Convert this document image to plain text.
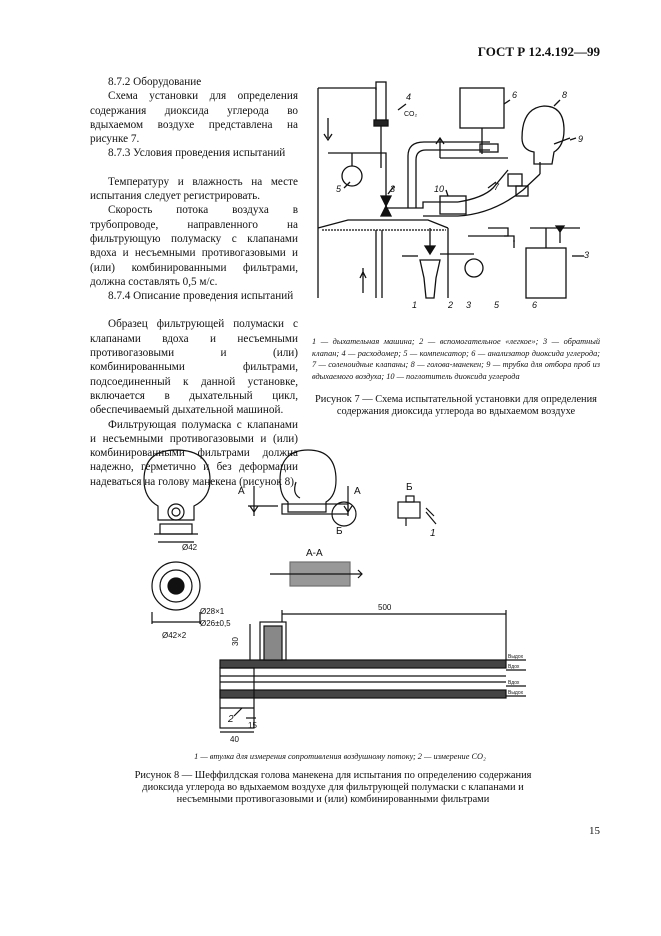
ГОСТ Р 12.4.192—99

8.7.2 Оборудование

Схема установки для определения содержания диоксида углерода во вдыхаемом воздухе представлена на рисунке 7.

8.7.3 Условия проведения испытаний

Температуру и влажность на месте испытания следует регистрировать.

Скорость потока воздуха в трубопроводе, направленного на фильтрующую полумаску с клапанами вдоха и несъемными противогазовыми и (или) комбинированными фильтрами, должна составлять 0,5 м/с.

8.7.4 Описание проведения испытаний

Образец фильтрующей полумаски с клапанами вдоха и несъемными противогазовыми и (или) комбинированными фильтрами, подсоединенный к данной установке, включается в дыхательный цикл, обеспечиваемый дыхательной машиной.

Фильтрующая полумаска с клапанами и несъемными противогазовыми и (или) комбинированными фильтрами должна надежно, герметично и без деформации надеваться на голову манекена (рисунок 8).

4
CO₂
6	8
9
7
10
5	3
3
1	2 3	5	6
1 — дыхательная машина; 2 — вспомогательное «легкое»; 3 — обратный клапан; 4 — расходомер; 5 — компенсатор; 6 — анализатор диоксида углерода; 7 — соленоидные клапаны; 8 — голова-манекен; 9 — трубка для отбора проб из вдыхаемого воздуха; 10 — поглотитель диоксида углерода
Рисунок 7 — Схема испытательной установки для определения содержания диоксида углерода во вдыхаемом воздухе
Ø42
Ø28×1
Ø26±0,5
Ø42×2
30
500
40
15
А	А
Б
Б
А-А
1
2
Выдох
Вдох
Вдох
Выдох
1 — втулка для измерения сопротивления воздушному потоку; 2 — измерение CO₂
Рисунок 8 — Шеффилдская голова манекена для испытания по определению содержания диоксида углерода во вдыхаемом воздухе для фильтрующей полумаски с клапанами и несъемными противогазовыми и (или) комбинированными фильтрами
15
